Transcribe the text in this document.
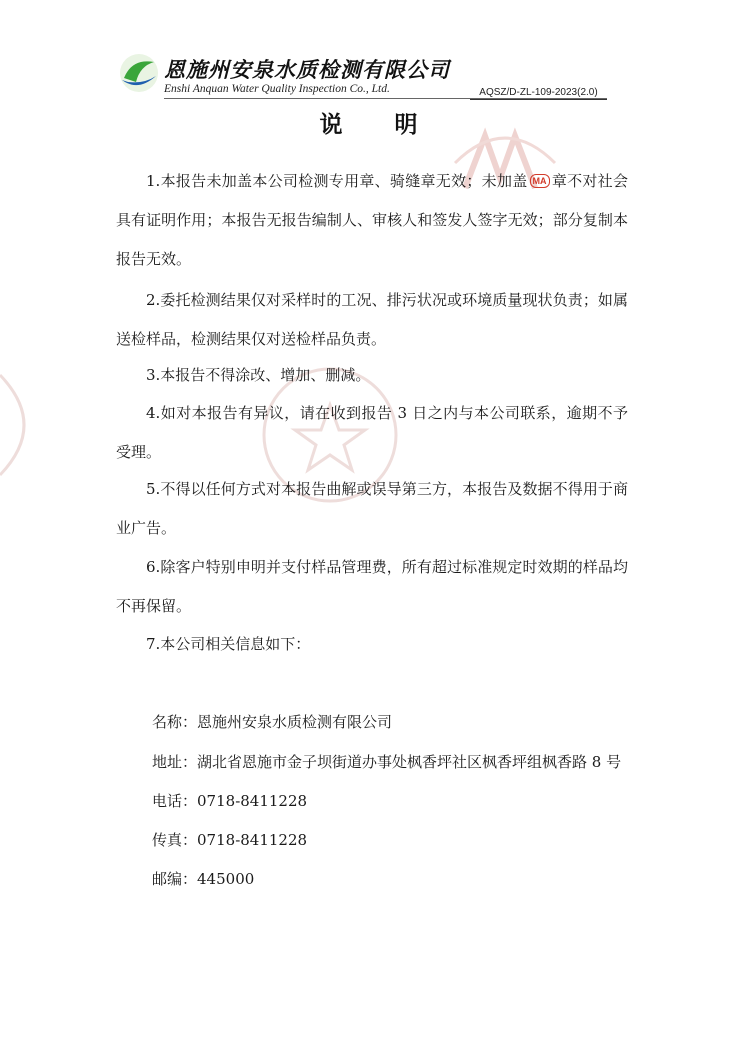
恩施州安泉水质检测有限公司
Enshi Anquan Water Quality Inspection Co., Ltd.	AQSZ/D-ZL-109-2023(2.0)
说 明
1.本报告未加盖本公司检测专用章、骑缝章无效；未加盖 MA 章不对社会具有证明作用；本报告无报告编制人、审核人和签发人签字无效；部分复制本报告无效。
2.委托检测结果仅对采样时的工况、排污状况或环境质量现状负责；如属送检样品，检测结果仅对送检样品负责。
3.本报告不得涂改、增加、删减。
4.如对本报告有异议，请在收到报告 3 日之内与本公司联系，逾期不予受理。
5.不得以任何方式对本报告曲解或误导第三方，本报告及数据不得用于商业广告。
6.除客户特别申明并支付样品管理费，所有超过标准规定时效期的样品均不再保留。
7.本公司相关信息如下：
名称：恩施州安泉水质检测有限公司
地址：湖北省恩施市金子坝街道办事处枫香坪社区枫香坪组枫香路 8 号
电话：0718-8411228
传真：0718-8411228
邮编：445000
